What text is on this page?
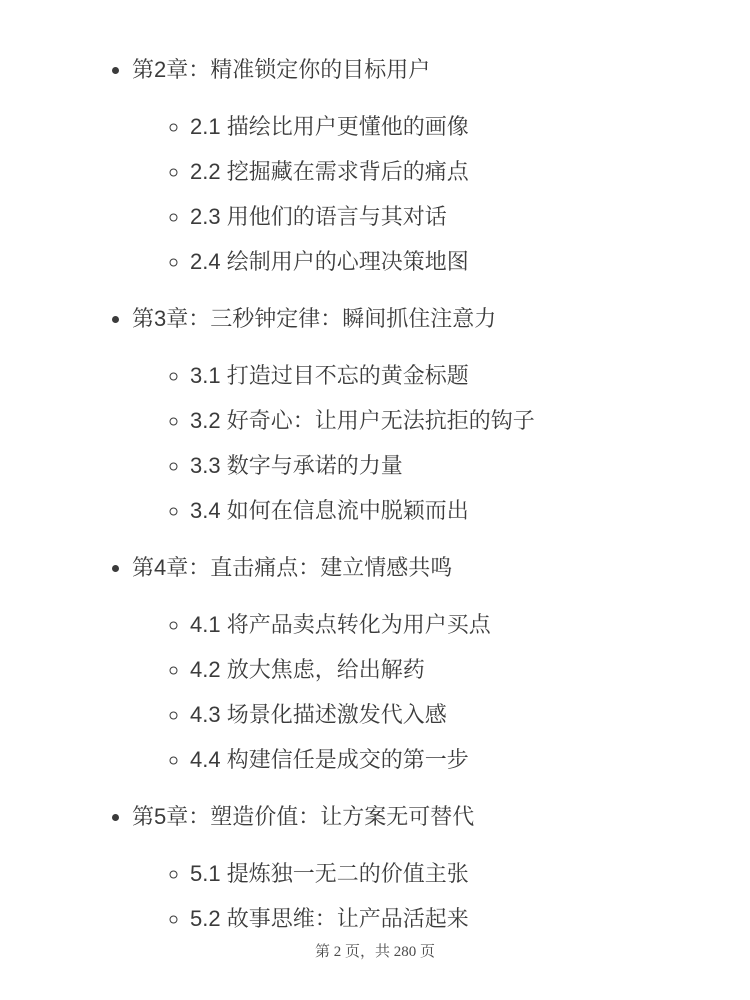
• 第2章：精准锁定你的目标用户
◦ 2.1 描绘比用户更懂他的画像
◦ 2.2 挖掘藏在需求背后的痛点
◦ 2.3 用他们的语言与其对话
◦ 2.4 绘制用户的心理决策地图
• 第3章：三秒钟定律：瞬间抓住注意力
◦ 3.1 打造过目不忘的黄金标题
◦ 3.2 好奇心：让用户无法抗拒的钩子
◦ 3.3 数字与承诺的力量
◦ 3.4 如何在信息流中脱颖而出
• 第4章：直击痛点：建立情感共鸣
◦ 4.1 将产品卖点转化为用户买点
◦ 4.2 放大焦虑，给出解药
◦ 4.3 场景化描述激发代入感
◦ 4.4 构建信任是成交的第一步
• 第5章：塑造价值：让方案无可替代
◦ 5.1 提炼独一无二的价值主张
◦ 5.2 故事思维：让产品活起来
第 2 页，共 280 页
